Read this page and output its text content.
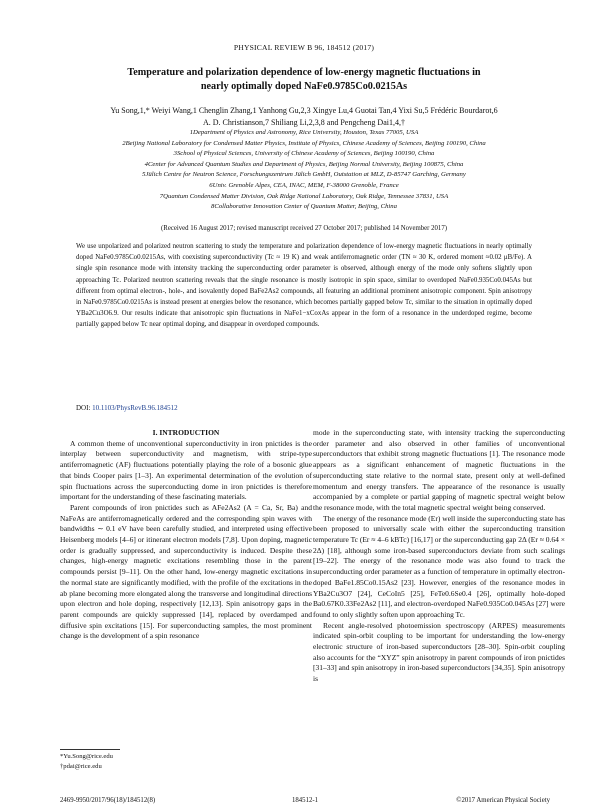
PHYSICAL REVIEW B 96, 184512 (2017)
Temperature and polarization dependence of low-energy magnetic fluctuations in
nearly optimally doped NaFe0.9785Co0.0215As
Yu Song,1,* Weiyi Wang,1 Chenglin Zhang,1 Yanhong Gu,2,3 Xingye Lu,4 Guotai Tan,4 Yixi Su,5 Frédéric Bourdarot,6
A. D. Christianson,7 Shiliang Li,2,3,8 and Pengcheng Dai1,4,†
1Department of Physics and Astronomy, Rice University, Houston, Texas 77005, USA
2Beijing National Laboratory for Condensed Matter Physics, Institute of Physics, Chinese Academy of Sciences, Beijing 100190, China
3School of Physical Sciences, University of Chinese Academy of Sciences, Beijing 100190, China
4Center for Advanced Quantum Studies and Department of Physics, Beijing Normal University, Beijing 100875, China
5Jülich Centre for Neutron Science, Forschungszentrum Jülich GmbH, Outstation at MLZ, D-85747 Garching, Germany
6Univ. Grenoble Alpes, CEA, INAC, MEM, F-38000 Grenoble, France
7Quantum Condensed Matter Division, Oak Ridge National Laboratory, Oak Ridge, Tennessee 37831, USA
8Collaborative Innovation Center of Quantum Matter, Beijing, China
(Received 16 August 2017; revised manuscript received 27 October 2017; published 14 November 2017)
We use unpolarized and polarized neutron scattering to study the temperature and polarization dependence of low-energy magnetic fluctuations in nearly optimally doped NaFe0.9785Co0.0215As, with coexisting superconductivity (Tc ≈ 19 K) and weak antiferromagnetic order (TN ≈ 30 K, ordered moment ≈0.02 μB/Fe). A single spin resonance mode with intensity tracking the superconducting order parameter is observed, although energy of the mode only softens slightly upon approaching Tc. Polarized neutron scattering reveals that the single resonance is mostly isotropic in spin space, similar to overdoped NaFe0.935Co0.045As but different from optimal electron-, hole-, and isovalently doped BaFe2As2 compounds, all featuring an additional prominent anisotropic component. Spin anisotropy in NaFe0.9785Co0.0215As is instead present at energies below the resonance, which becomes partially gapped below Tc, similar to the situation in optimally doped YBa2Cu3O6.9. Our results indicate that anisotropic spin fluctuations in NaFe1−xCoxAs appear in the form of a resonance in the underdoped regime, become partially gapped below Tc near optimal doping, and disappear in overdoped compounds.
DOI: 10.1103/PhysRevB.96.184512

I. INTRODUCTION

A common theme of unconventional superconductivity in iron pnictides is the interplay between superconductivity and magnetism, with stripe-type antiferromagnetic (AF) fluctuations potentially playing the role of a bosonic glue that binds Cooper pairs [1–3]. An experimental determination of the evolution of spin fluctuations across the superconducting dome in iron pnictides is therefore important for the understanding of these fascinating materials.

Parent compounds of iron pnictides such as AFe2As2 (A = Ca, Sr, Ba) and NaFeAs are antiferromagnetically ordered and the corresponding spin waves with bandwidths ∼ 0.1 eV have been carefully studied, and interpreted using effective Heisenberg models [4–6] or itinerant electron models [7,8]. Upon doping, magnetic order is gradually suppressed, and superconductivity is induced. Despite these changes, high-energy magnetic excitations resembling those in the parent compounds persist [9–11]. On the other hand, low-energy magnetic excitations in the normal state are significantly modified, with the profile of the excitations in the ab plane becoming more elongated along the transverse and longitudinal directions upon electron and hole doping, respectively [12,13]. Spin anisotropy gaps in the parent compounds are quickly suppressed [14], replaced by overdamped and diffusive spin excitations [15]. For superconducting samples, the most prominent change is the development of a spin resonance

mode in the superconducting state, with intensity tracking the superconducting order parameter and also observed in other families of unconventional superconductors that exhibit strong magnetic fluctuations [1]. The resonance mode appears as a significant enhancement of magnetic fluctuations in the superconducting state relative to the normal state, present only at well-defined momentum and energy transfers. The appearance of the resonance is usually accompanied by a complete or partial gapping of magnetic spectral weight below the resonance mode, with the total magnetic spectral weight being conserved.

The energy of the resonance mode (Er) well inside the superconducting state has been proposed to universally scale with either the superconducting transition temperature Tc (Er ≈ 4–6 kBTc) [16,17] or the superconducting gap 2Δ (Er ≈ 0.64 × 2Δ) [18], although some iron-based superconductors deviate from such scalings [19–22]. The energy of the resonance mode was also found to track the superconducting order parameter as a function of temperature in optimally electron-doped BaFe1.85Co0.15As2 [23]. However, energies of the resonance modes in YBa2Cu3O7 [24], CeCoIn5 [25], FeTe0.6Se0.4 [26], optimally hole-doped Ba0.67K0.33Fe2As2 [11], and electron-overdoped NaFe0.935Co0.045As [27] were found to only slightly soften upon approaching Tc.

Recent angle-resolved photoemission spectroscopy (ARPES) measurements indicated spin-orbit coupling to be important for understanding the low-energy electronic structure of iron-based superconductors [28–30]. Spin-orbit coupling also accounts for the “XYZ” spin anisotropy in parent compounds of iron pnictides [31–33] and spin anisotropy in iron-based superconductors [34,35]. Spin anisotropy is

*Yu.Song@rice.edu
†pdai@rice.edu
2469-9950/2017/96(18)/184512(8)	184512-1	©2017 American Physical Society
